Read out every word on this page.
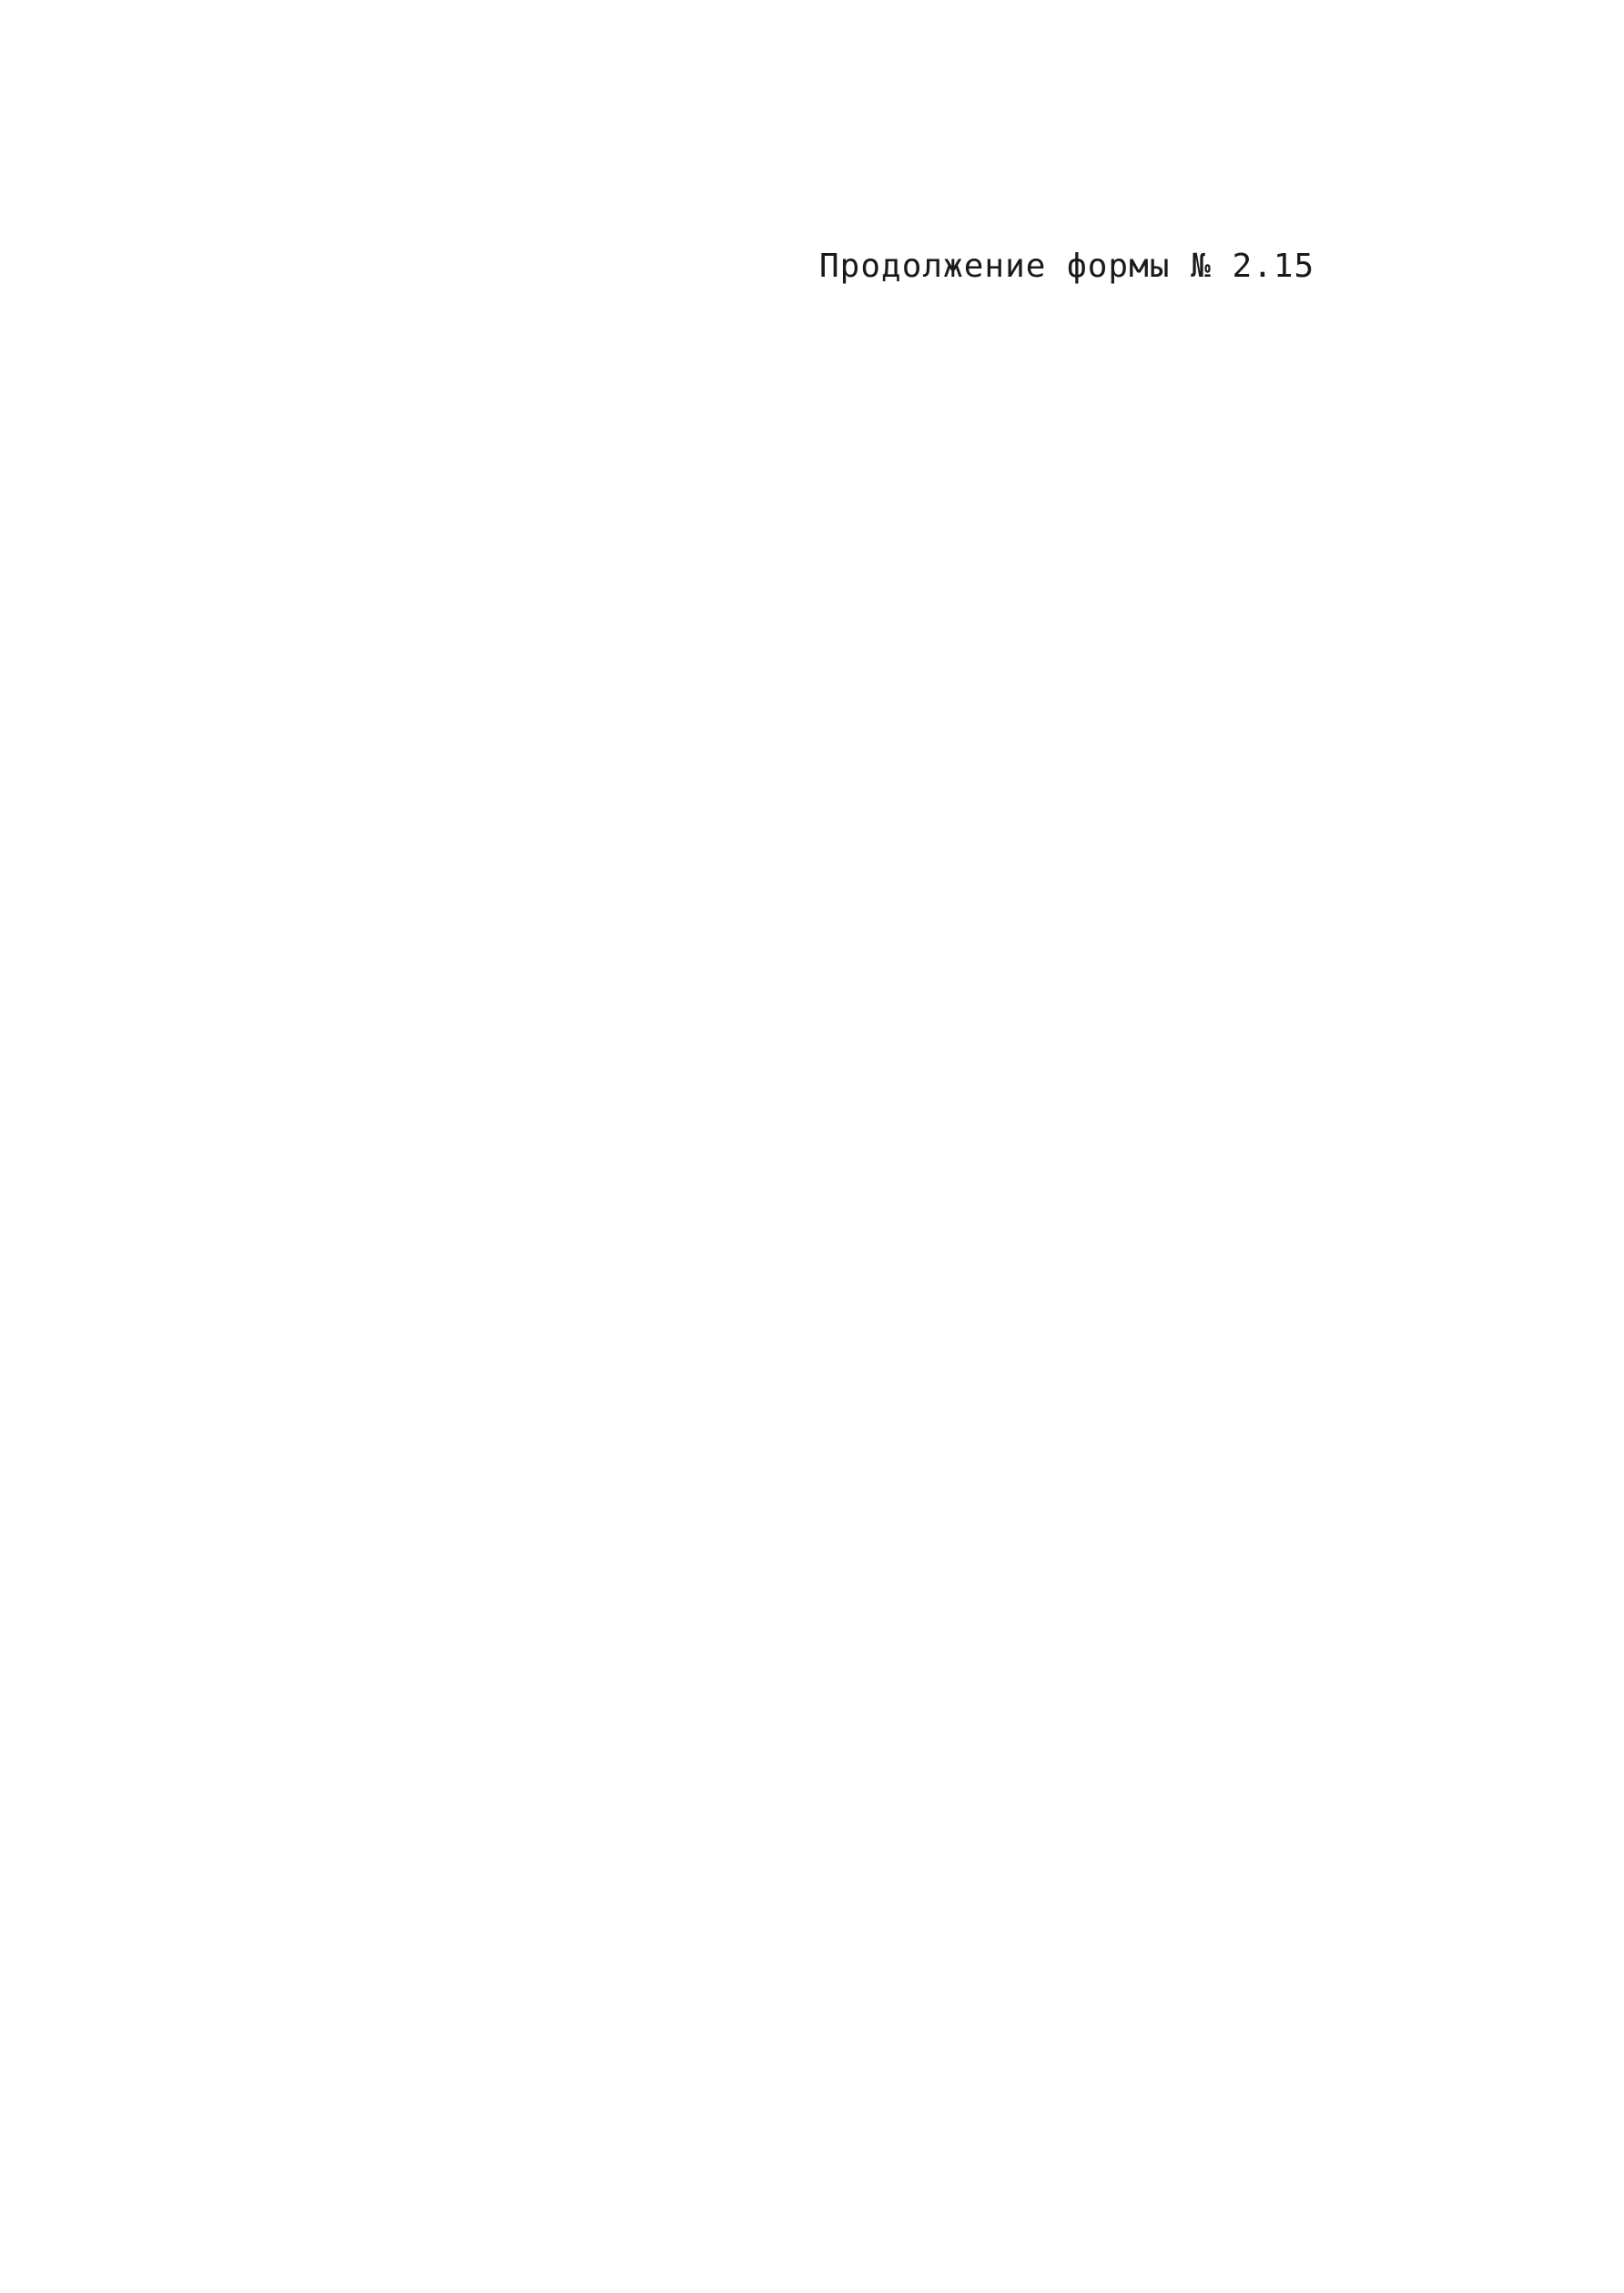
Продолжение формы № 2.15
